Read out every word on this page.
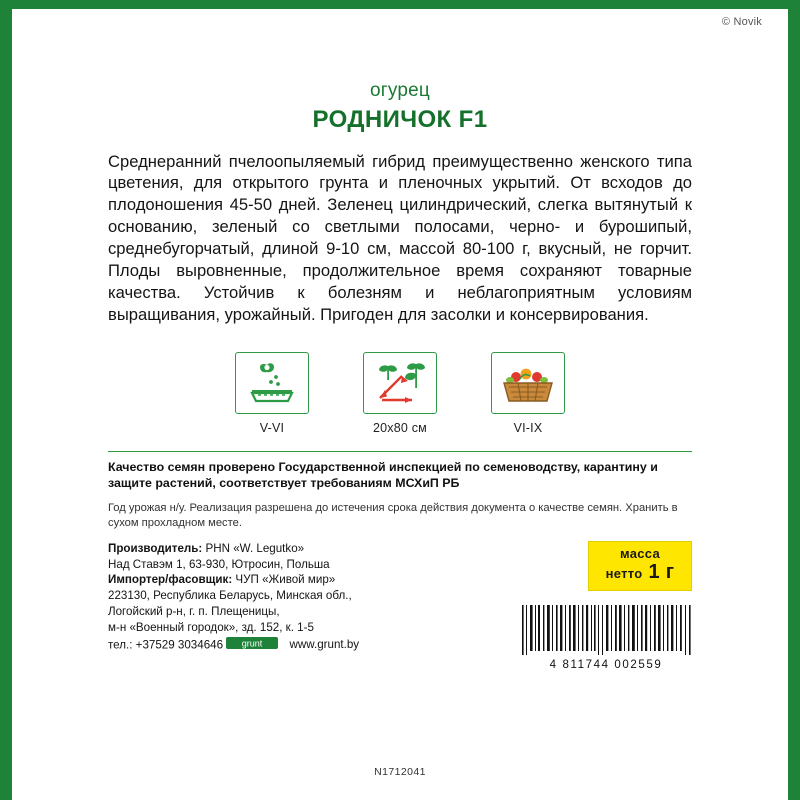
© Novik
огурец
РОДНИЧОК F1

Среднеранний пчелоопыляемый гибрид преимущественно женского типа цветения, для открытого грунта и пленочных укрытий. От всходов до плодоношения 45-50 дней. Зеленец цилиндрический, слегка вытянутый к основанию, зеленый со светлыми полосами, черно- и бурошипый, среднебугорчатый, длиной 9-10 см, массой 80-100 г, вкусный, не горчит. Плоды выровненные, продолжительное время сохраняют товарные качества. Устойчив к болезням и неблагоприятным условиям выращивания, урожайный. Пригоден для засолки и консервирования.

V-VI	20x80 см	VI-IX
Качество семян проверено Государственной инспекцией по семеноводству, карантину и защите растений, соответствует требованиям МСХиП РБ
Год урожая н/у. Реализация разрешена до истечения срока действия документа о качестве семян. Хранить в сухом прохладном месте.
Производитель: PHN «W. Legutko»
Над Ставэм 1, 63-930, Ютросин, Польша
Импортер/фасовщик: ЧУП «Живой мир»
223130, Республика Беларусь, Минская обл.,
Логойский р-н, г. п. Плещеницы,
м-н «Военный городок», зд. 152, к. 1-5
тел.: +37529 3034646 grunt www.grunt.by
масса
нетто 1 г
4 811744 002559
N1712041
